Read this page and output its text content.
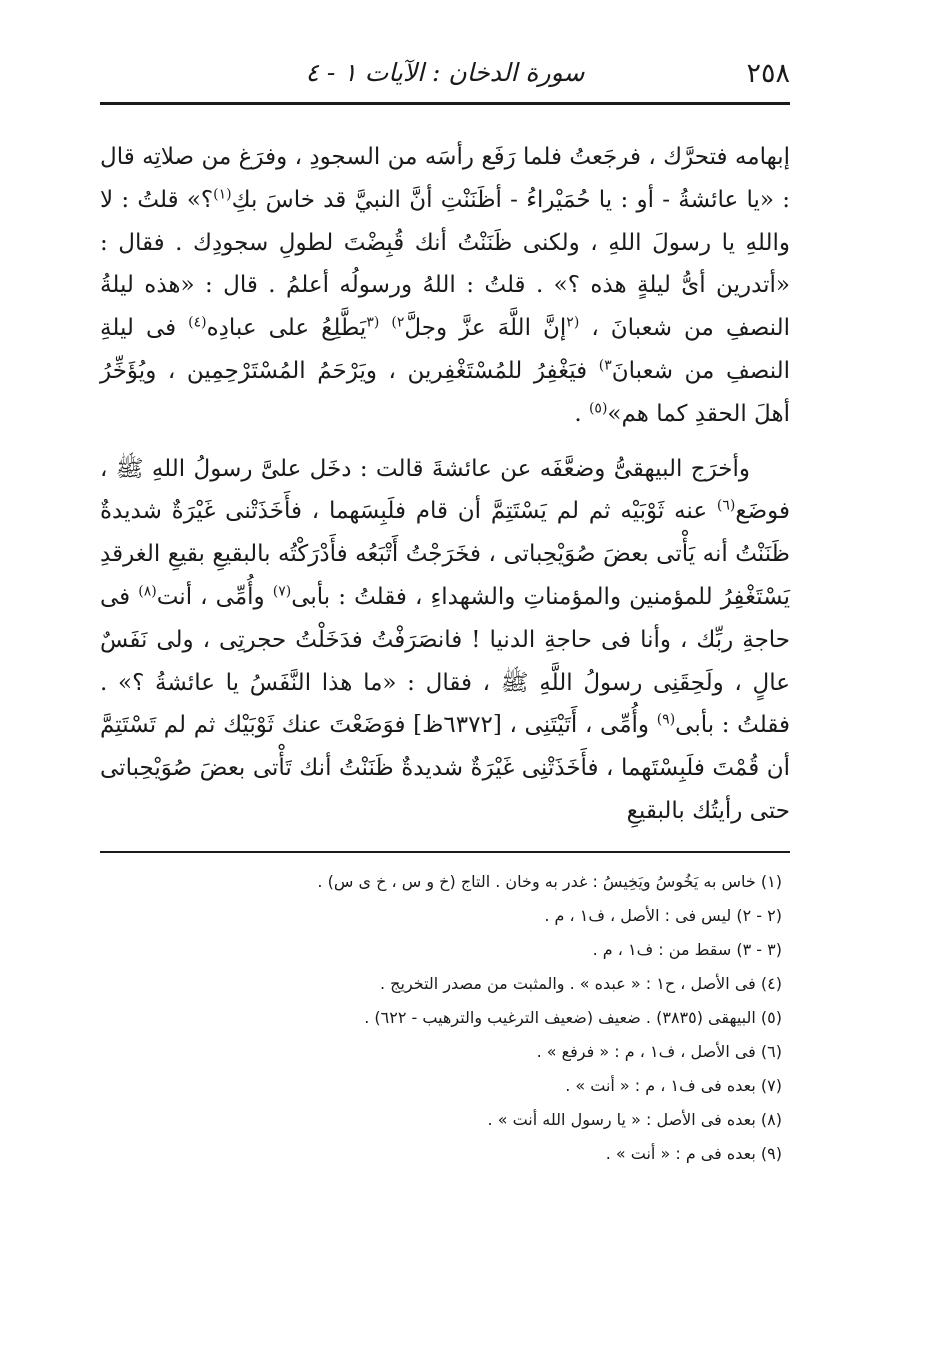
٢٥٨
سورة الدخان : الآيات ١ - ٤

إبهامه فتحرَّك ، فرجَعتُ فلما رَفَع رأسَه من السجودِ ، وفرَغ من صلاتِه قال : «يا عائشةُ - أو : يا حُمَيْراءُ - أظَنَنْتِ أنَّ النبيَّ قد خاسَ بكِ$^{(١)}$؟» قلتُ : لا واللهِ يا رسولَ اللهِ ، ولكنى ظَنَنْتُ أنك قُبِضْتَ لطولِ سجودِك . فقال : «أتدرين أىُّ ليلةٍ هذه ؟» . قلتُ : اللهُ ورسولُه أعلمُ . قال : «هذه ليلةُ النصفِ من شعبانَ ، $^{(٢}$إنَّ اللَّهَ عزَّ وجلَّ$^{٢)}$ $^{(٣}$يَطَّلِعُ على عبادِه$^{(٤)}$ فى ليلةِ النصفِ من شعبانَ$^{٣)}$ فيَغْفِرُ للمُسْتَغْفِرين ، ويَرْحَمُ المُسْتَرْحِمِين ، ويُؤَخِّرُ أهلَ الحقدِ كما هم»$^{(٥)}$ .

وأخرَج البيهقىُّ وضعَّفَه عن عائشةَ قالت : دخَل علىَّ رسولُ اللهِ ﷺ ، فوضَع$^{(٦)}$ عنه ثَوْبَيْه ثم لم يَسْتَتِمَّ أن قام فلَبِسَهما ، فأَخَذَتْنى غَيْرَةٌ شديدةٌ ظَنَنْتُ أنه يَأْتى بعضَ صُوَيْحِباتى ، فخَرَجْتُ أَتْبَعُه فأَدْرَكْتُه بالبقيعِ بقيعِ الغرقدِ يَسْتَغْفِرُ للمؤمنين والمؤمناتِ والشهداءِ ، فقلتُ : بأبى$^{(٧)}$ وأُمِّى ، أنت$^{(٨)}$ فى حاجةِ ربِّك ، وأنا فى حاجةِ الدنيا ! فانصَرَفْتُ فدَخَلْتُ حجرتِى ، ولى نَفَسٌ عالٍ ، ولَحِقَنِى رسولُ اللَّهِ ﷺ ، فقال : «ما هذا النَّفَسُ يا عائشةُ ؟» . فقلتُ : بأبى$^{(٩)}$ وأُمِّى ، أَتَيْتَنِى ، [٦٣٧٢ظ] فوَضَعْتَ عنك ثَوْبَيْك ثم لم تَسْتَتِمَّ أن قُمْتَ فلَبِسْتَهما ، فأَخَذَتْنِى غَيْرَةٌ شديدةٌ ظَنَنْتُ أنك تَأْتى بعضَ صُوَيْحِباتى حتى رأيتُك بالبقيعِ

(١) خاس به يَخُوسُ ويَخِيسُ : غدر به وخان . التاج (خ و س ، خ ى س) .
(٢ - ٢) ليس فى : الأصل ، ف١ ، م .
(٣ - ٣) سقط من : ف١ ، م .
(٤) فى الأصل ، ح١ : « عبده » . والمثبت من مصدر التخريج .
(٥) البيهقى (٣٨٣٥) . ضعيف (ضعيف الترغيب والترهيب - ٦٢٢) .
(٦) فى الأصل ، ف١ ، م : « فرفع » .
(٧) بعده فى ف١ ، م : « أنت » .
(٨) بعده فى الأصل : « يا رسول الله أنت » .
(٩) بعده فى م : « أنت » .
